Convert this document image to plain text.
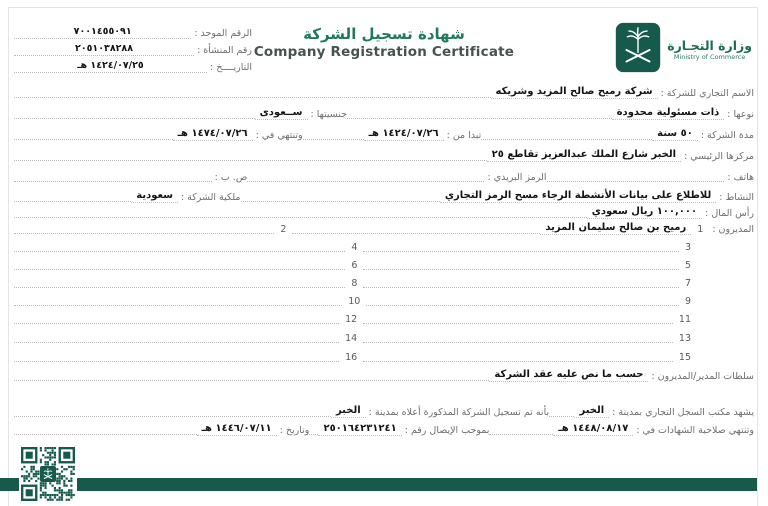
وزارة التجـارة
Ministry of Commerce
شهادة تسجيل الشركة
Company Registration Certificate
الرقم الموحد :
٧٠٠١٤٥٥٠٩١
رقم المنشأة :
٢٠٥١٠٣٨٢٨٨
التاريــــخ :
١٤٢٤/٠٧/٢٥ هـ
الاسم التجاري للشركة :
شركة رميح صالح المزيد وشريكه
نوعها :
ذات مسئولية محدودة
جنسيتها :
ســعودى
مدة الشركة :
٥٠ سنة
تبدا من :
١٤٢٤/٠٧/٢٦ هـ
وتنتهي في :
١٤٧٤/٠٧/٢٦ هـ
مركزها الرئيسي :
الخبر شارع الملك عبدالعزيز تقاطع ٢٥
هاتف :
الرمز البريدي :
ص. ب :
النشاط :
للاطلاع على بيانات الأنشطة الرجاء مسح الرمز التجاري
ملكية الشركة :
سعودية
رأس المال :
١٠٠,٠٠٠ ريال سعودي
المديرون :
1
رميح بن صالح سليمان المزيد
2
3
4
5
6
7
8
9
10
11
12
13
14
15
16
سلطات المدير/المديرون :
حسب ما نص عليه عقد الشركة
يشهد مكتب السجل التجاري بمدينة :
الخبر
بأنه تم تسجيل الشركة المذكورة أعلاه بمدينة :
الخبر
وتنتهي صلاحية الشهادات في :
١٤٤٨/٠٨/١٧ هـ
بموجب الإيصال رقم :
٢٥٠١٦٤٢٣١٢٤١
وتاريخ :
١٤٤٦/٠٧/١١ هـ
